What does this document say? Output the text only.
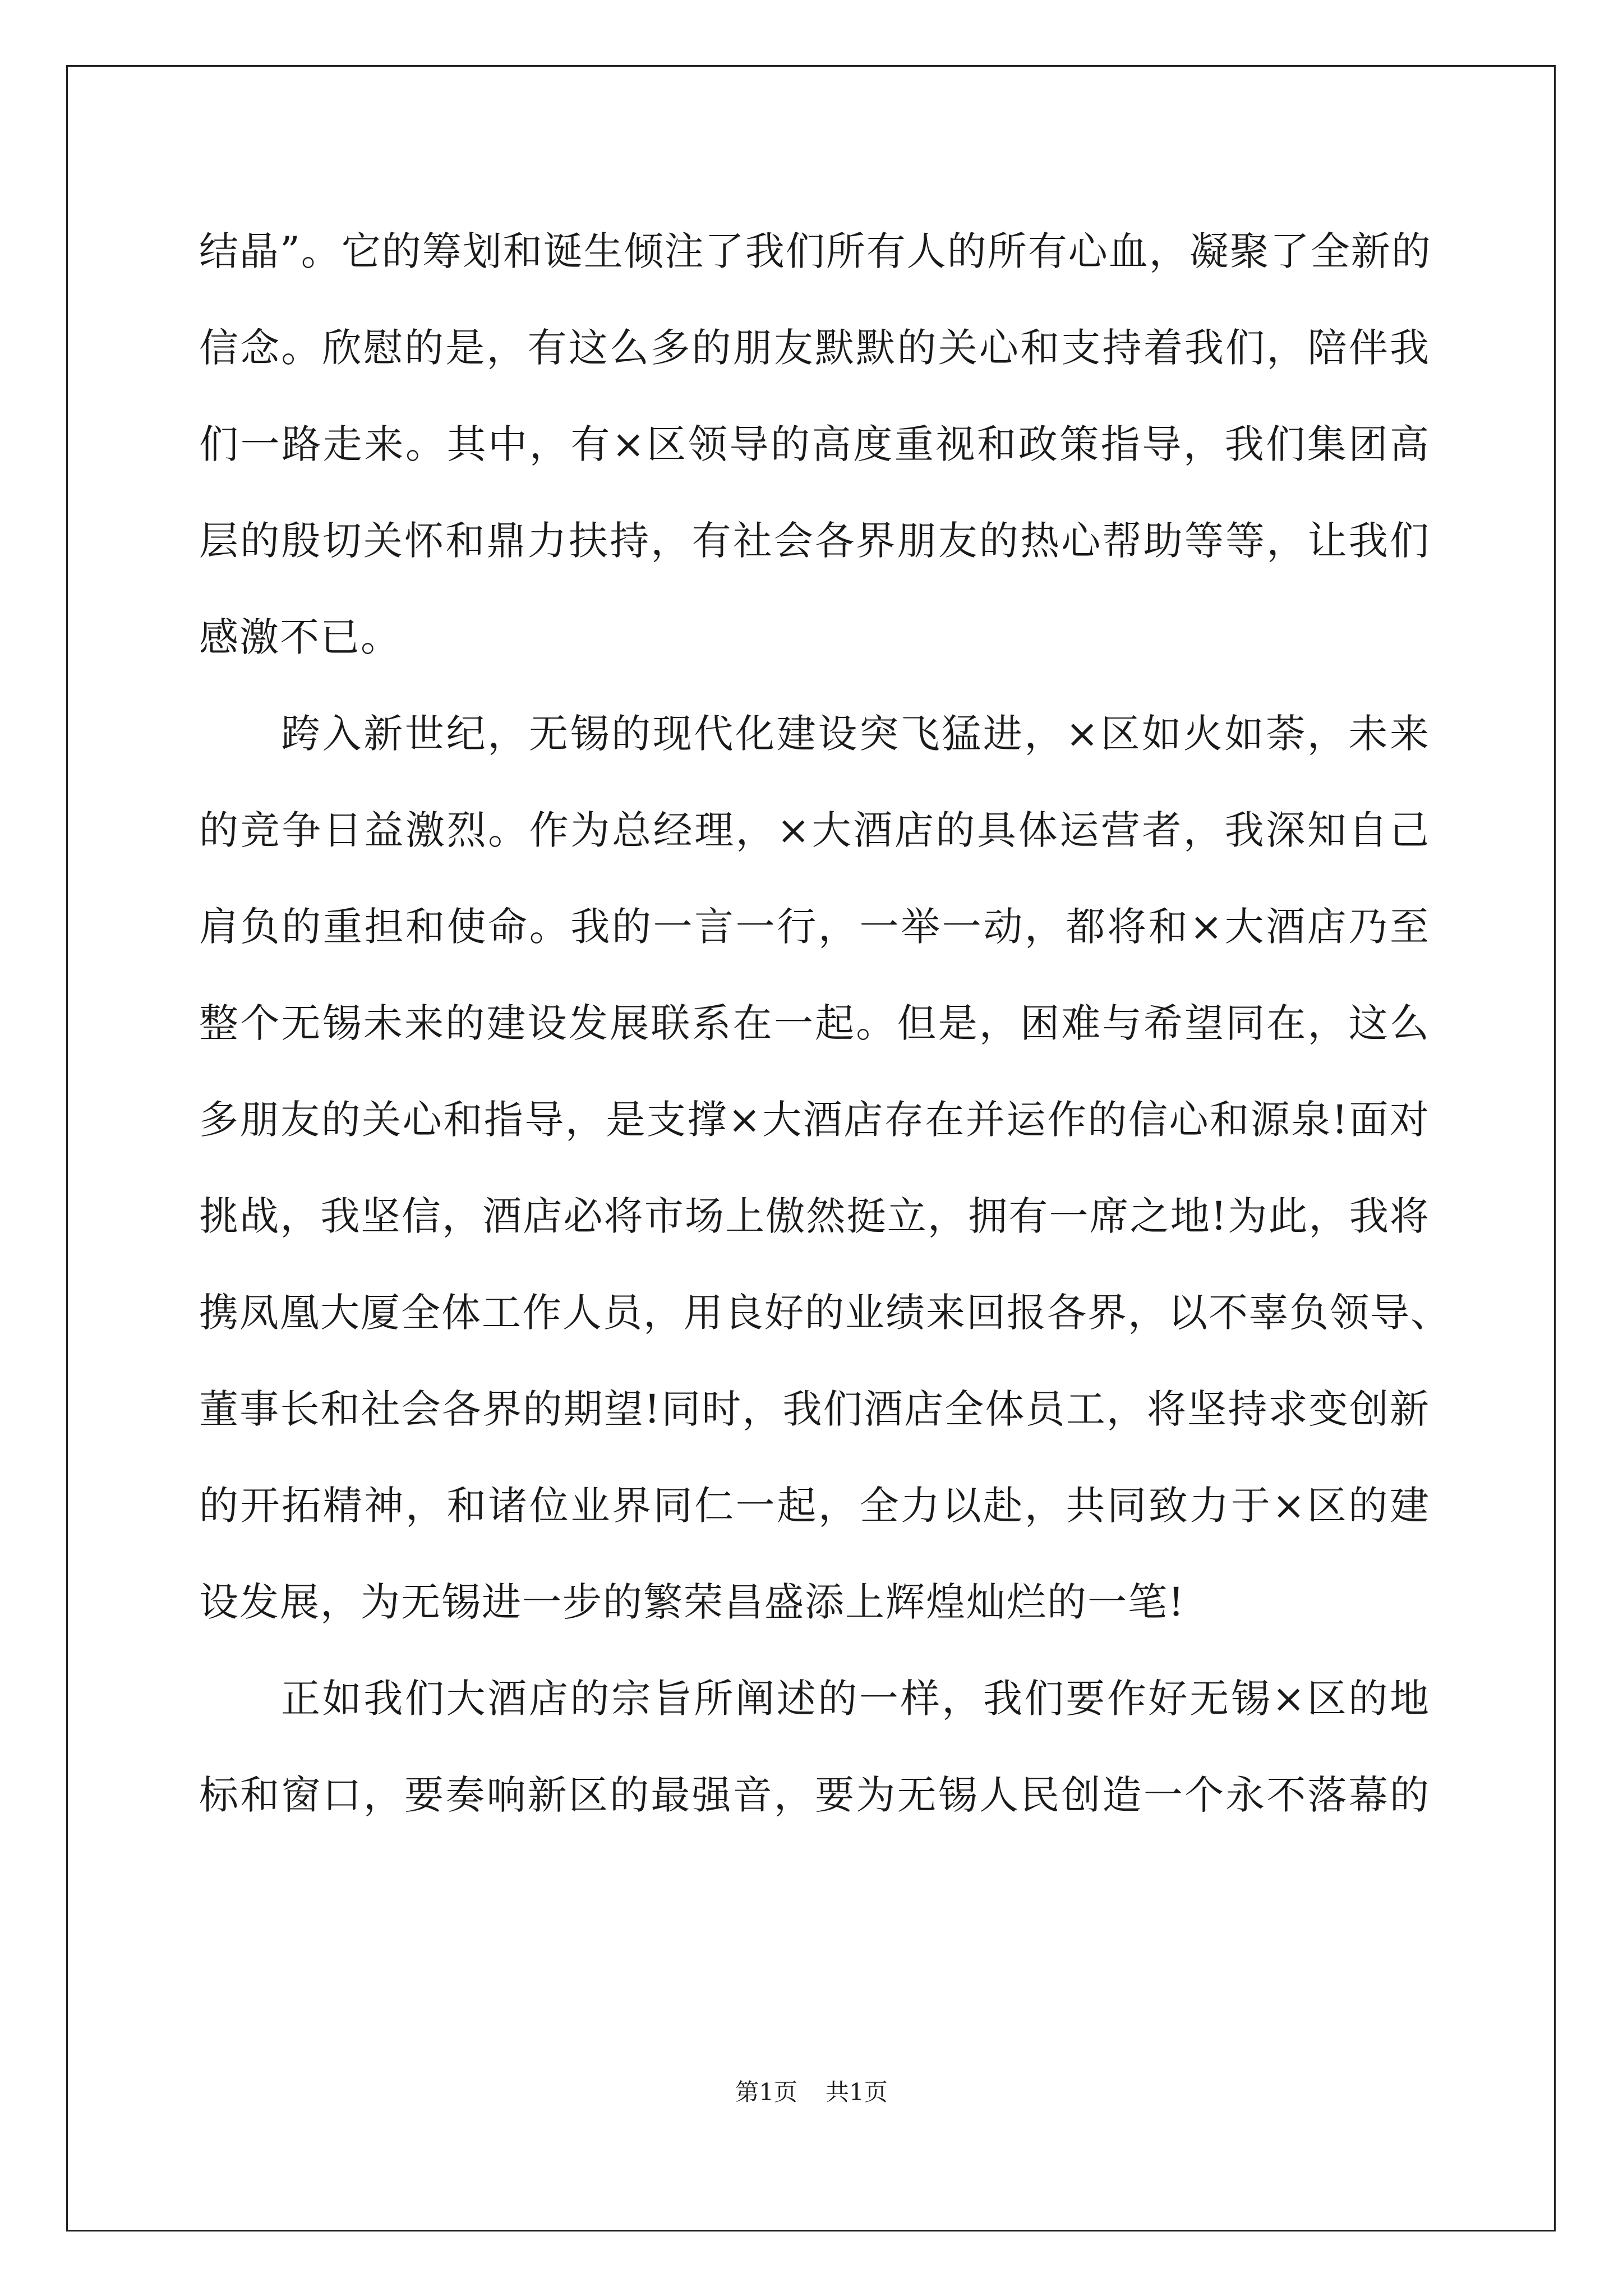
结晶”。它的筹划和诞生倾注了我们所有人的所有心血，凝聚了全新的
信念。欣慰的是，有这么多的朋友默默的关心和支持着我们，陪伴我
们一路走来。其中，有×区领导的高度重视和政策指导，我们集团高
层的殷切关怀和鼎力扶持，有社会各界朋友的热心帮助等等，让我们
感激不已。
跨入新世纪，无锡的现代化建设突飞猛进，×区如火如荼，未来
的竞争日益激烈。作为总经理，×大酒店的具体运营者，我深知自己
肩负的重担和使命。我的一言一行，一举一动，都将和×大酒店乃至
整个无锡未来的建设发展联系在一起。但是，困难与希望同在，这么
多朋友的关心和指导，是支撑×大酒店存在并运作的信心和源泉!面对
挑战，我坚信，酒店必将市场上傲然挺立，拥有一席之地!为此，我将
携凤凰大厦全体工作人员，用良好的业绩来回报各界，以不辜负领导、
董事长和社会各界的期望!同时，我们酒店全体员工，将坚持求变创新
的开拓精神，和诸位业界同仁一起，全力以赴，共同致力于×区的建
设发展，为无锡进一步的繁荣昌盛添上辉煌灿烂的一笔!
正如我们大酒店的宗旨所阐述的一样，我们要作好无锡×区的地
标和窗口，要奏响新区的最强音，要为无锡人民创造一个永不落幕的
第1页 共1页
